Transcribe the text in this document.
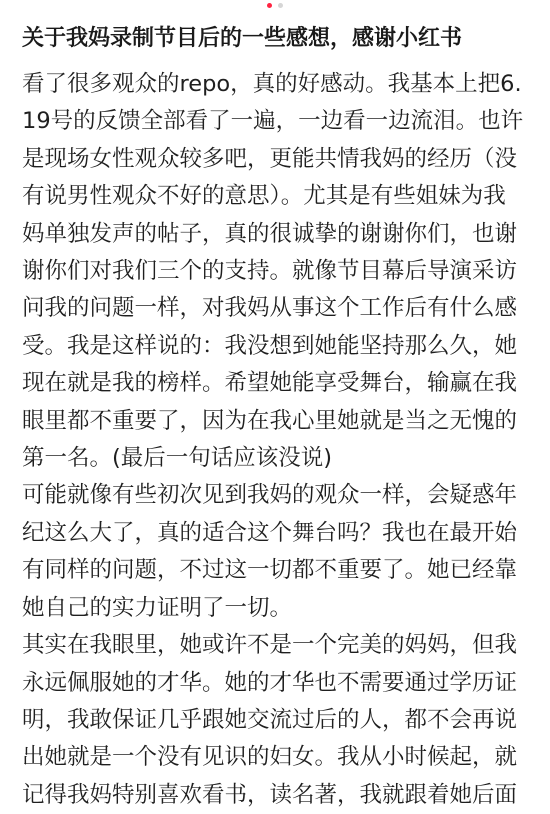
关于我妈录制节目后的一些感想，感谢小红书

看了很多观众的repo，真的好感动。我基本上把6.19号的反馈全部看了一遍，一边看一边流泪。也许是现场女性观众较多吧，更能共情我妈的经历（没有说男性观众不好的意思）。尤其是有些姐妹为我妈单独发声的帖子，真的很诚挚的谢谢你们，也谢谢你们对我们三个的支持。就像节目幕后导演采访问我的问题一样，对我妈从事这个工作后有什么感受。我是这样说的：我没想到她能坚持那么久，她现在就是我的榜样。希望她能享受舞台，输赢在我眼里都不重要了，因为在我心里她就是当之无愧的第一名。(最后一句话应该没说)

可能就像有些初次见到我妈的观众一样，会疑惑年纪这么大了，真的适合这个舞台吗？我也在最开始有同样的问题，不过这一切都不重要了。她已经靠她自己的实力证明了一切。

其实在我眼里，她或许不是一个完美的妈妈，但我永远佩服她的才华。她的才华也不需要通过学历证明，我敢保证几乎跟她交流过后的人，都不会再说出她就是一个没有见识的妇女。我从小时候起，就记得我妈特别喜欢看书，读名著，我就跟着她后面
